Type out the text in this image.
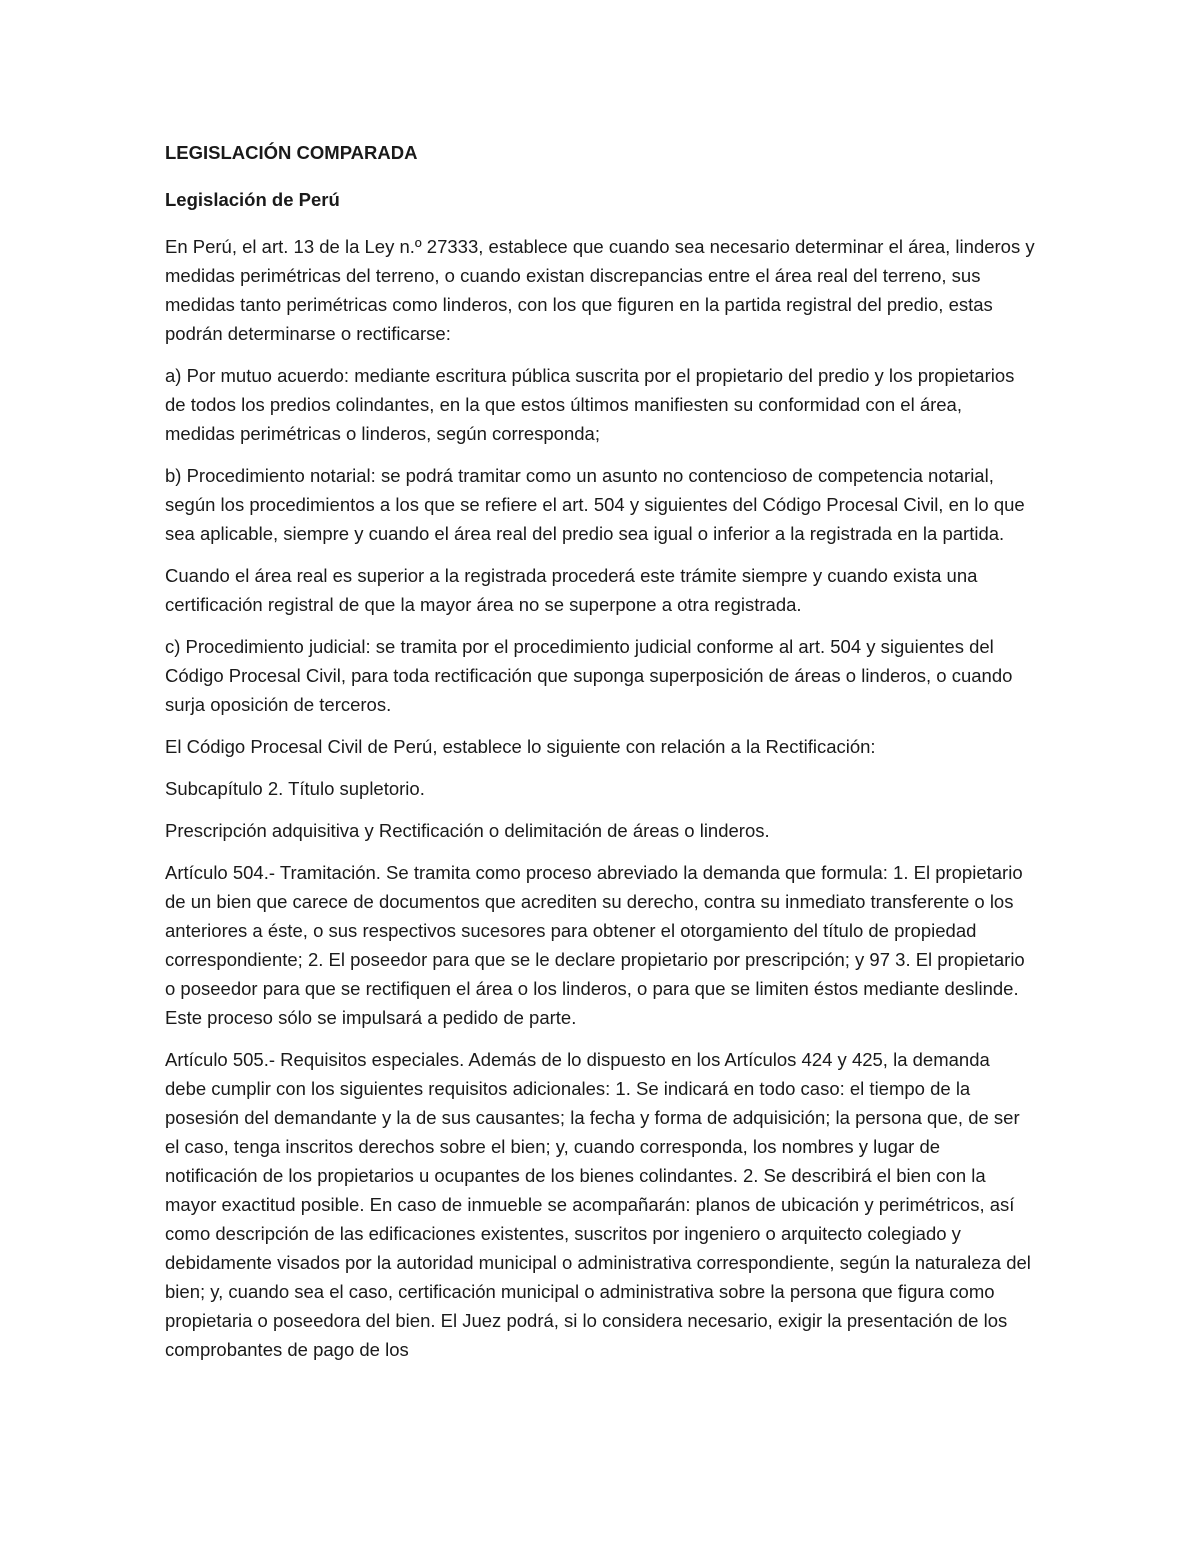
LEGISLACIÓN COMPARADA

Legislación de Perú

En Perú, el art. 13 de la Ley n.º 27333, establece que cuando sea necesario determinar el área, linderos y medidas perimétricas del terreno, o cuando existan discrepancias entre el área real del terreno, sus medidas tanto perimétricas como linderos, con los que figuren en la partida registral del predio, estas podrán determinarse o rectificarse:

a) Por mutuo acuerdo: mediante escritura pública suscrita por el propietario del predio y los propietarios de todos los predios colindantes, en la que estos últimos manifiesten su conformidad con el área, medidas perimétricas o linderos, según corresponda;

b) Procedimiento notarial: se podrá tramitar como un asunto no contencioso de competencia notarial, según los procedimientos a los que se refiere el art. 504 y siguientes del Código Procesal Civil, en lo que sea aplicable, siempre y cuando el área real del predio sea igual o inferior a la registrada en la partida.

Cuando el área real es superior a la registrada procederá este trámite siempre y cuando exista una certificación registral de que la mayor área no se superpone a otra registrada.

c) Procedimiento judicial: se tramita por el procedimiento judicial conforme al art. 504 y siguientes del Código Procesal Civil, para toda rectificación que suponga superposición de áreas o linderos, o cuando surja oposición de terceros.

El Código Procesal Civil de Perú, establece lo siguiente con relación a la Rectificación:

Subcapítulo 2. Título supletorio.

Prescripción adquisitiva y Rectificación o delimitación de áreas o linderos.

Artículo 504.- Tramitación. Se tramita como proceso abreviado la demanda que formula: 1. El propietario de un bien que carece de documentos que acrediten su derecho, contra su inmediato transferente o los anteriores a éste, o sus respectivos sucesores para obtener el otorgamiento del título de propiedad correspondiente; 2. El poseedor para que se le declare propietario por prescripción; y 97 3. El propietario o poseedor para que se rectifiquen el área o los linderos, o para que se limiten éstos mediante deslinde. Este proceso sólo se impulsará a pedido de parte.

Artículo 505.- Requisitos especiales. Además de lo dispuesto en los Artículos 424 y 425, la demanda debe cumplir con los siguientes requisitos adicionales: 1. Se indicará en todo caso: el tiempo de la posesión del demandante y la de sus causantes; la fecha y forma de adquisición; la persona que, de ser el caso, tenga inscritos derechos sobre el bien; y, cuando corresponda, los nombres y lugar de notificación de los propietarios u ocupantes de los bienes colindantes. 2. Se describirá el bien con la mayor exactitud posible. En caso de inmueble se acompañarán: planos de ubicación y perimétricos, así como descripción de las edificaciones existentes, suscritos por ingeniero o arquitecto colegiado y debidamente visados por la autoridad municipal o administrativa correspondiente, según la naturaleza del bien; y, cuando sea el caso, certificación municipal o administrativa sobre la persona que figura como propietaria o poseedora del bien. El Juez podrá, si lo considera necesario, exigir la presentación de los comprobantes de pago de los
